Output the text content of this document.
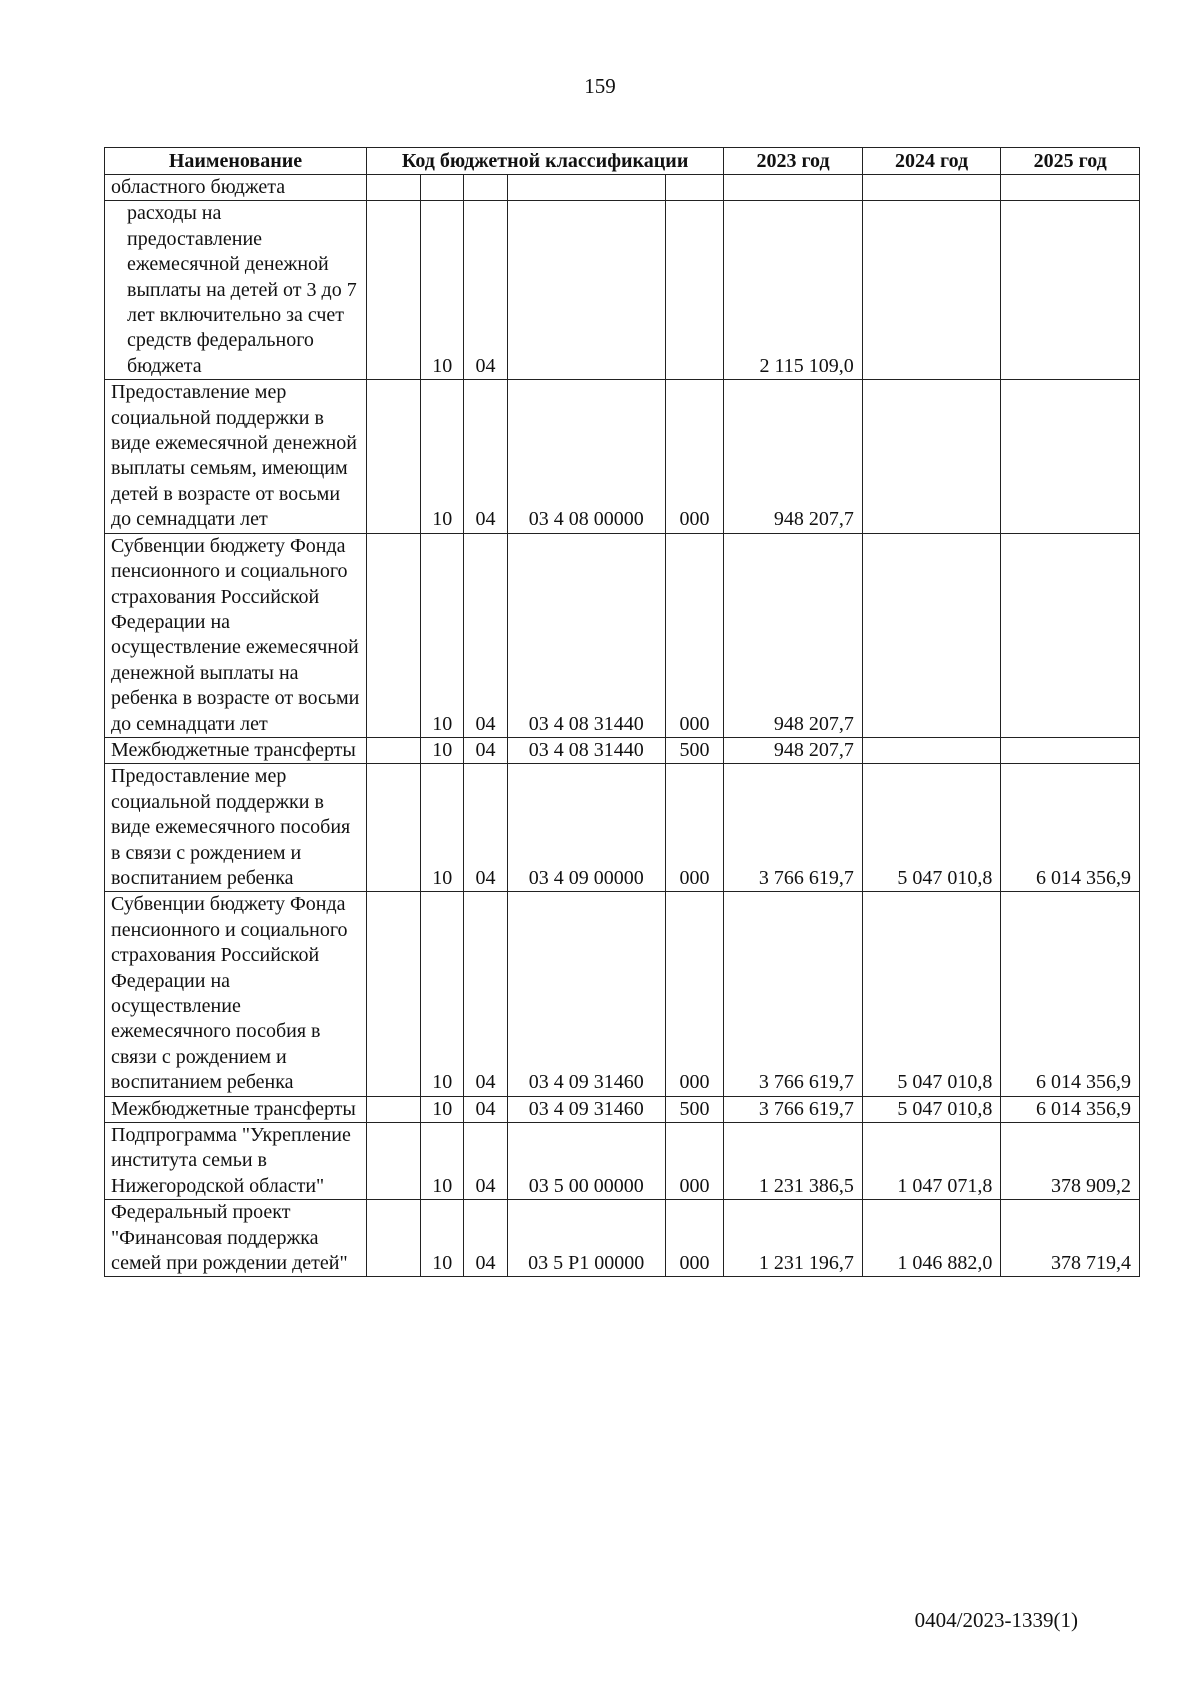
159
Наименование	Код бюджетной классификации					2023 год	2024 год	2025 год
областного бюджета								
расходы на предоставление ежемесячной денежной выплаты на детей от 3 до 7 лет включительно за счет средств федерального бюджета		10	04			2 115 109,0		
Предоставление мер социальной поддержки в виде ежемесячной денежной выплаты семьям, имеющим детей в возрасте от восьми до семнадцати лет		10	04	03 4 08 00000	000	948 207,7		
Субвенции бюджету Фонда пенсионного и социального страхования Российской Федерации на осуществление ежемесячной денежной выплаты на ребенка в возрасте от восьми до семнадцати лет		10	04	03 4 08 31440	000	948 207,7		
Межбюджетные трансферты		10	04	03 4 08 31440	500	948 207,7		
Предоставление мер социальной поддержки в виде ежемесячного пособия в связи с рождением и воспитанием ребенка		10	04	03 4 09 00000	000	3 766 619,7	5 047 010,8	6 014 356,9
Субвенции бюджету Фонда пенсионного и социального страхования Российской Федерации на осуществление ежемесячного пособия в связи с рождением и воспитанием ребенка		10	04	03 4 09 31460	000	3 766 619,7	5 047 010,8	6 014 356,9
Межбюджетные трансферты		10	04	03 4 09 31460	500	3 766 619,7	5 047 010,8	6 014 356,9
Подпрограмма "Укрепление института семьи в Нижегородской области"		10	04	03 5 00 00000	000	1 231 386,5	1 047 071,8	378 909,2
Федеральный проект "Финансовая поддержка семей при рождении детей"		10	04	03 5 P1 00000	000	1 231 196,7	1 046 882,0	378 719,4
0404/2023-1339(1)
